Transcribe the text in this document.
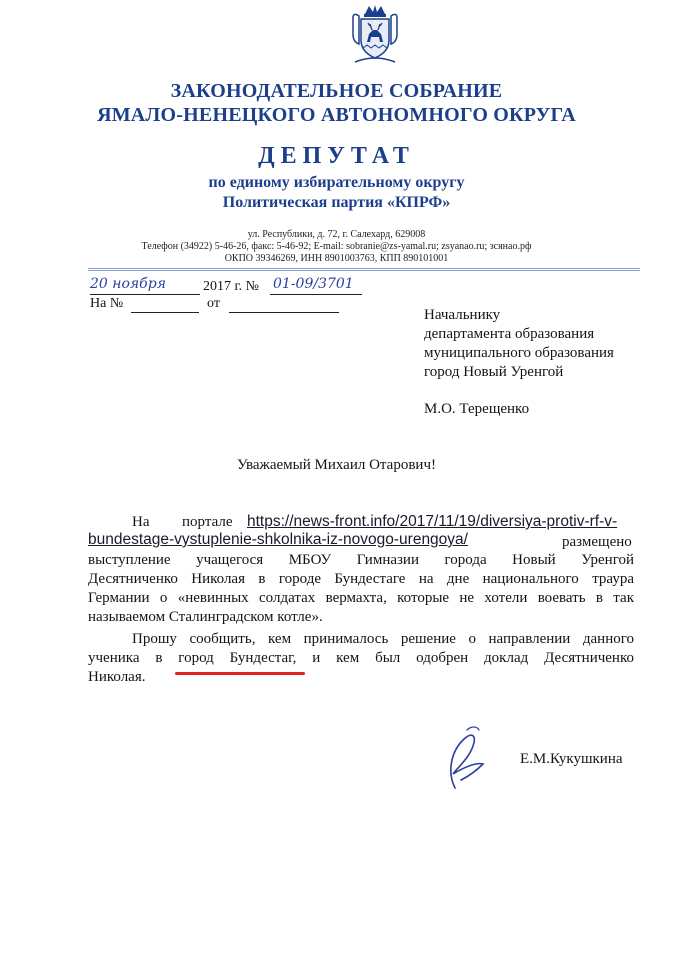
ЗАКОНОДАТЕЛЬНОЕ СОБРАНИЕ
ЯМАЛО-НЕНЕЦКОГО АВТОНОМНОГО ОКРУГА
ДЕПУТАТ
по единому избирательному округу
Политическая партия «КПРФ»
ул. Республики, д. 72, г. Салехард, 629008
Телефон (34922) 5-46-26, факс: 5-46-92; E-mail: sobranie@zs-yamal.ru; zsyanao.ru; зсянао.рф
ОКПО 39346269, ИНН 8901003763, КПП 890101001
20 ноября	2017 г. № 01-09/3701
На №	от
Начальнику
департамента образования
муниципального образования
город Новый Уренгой
М.О. Терещенко
Уважаемый Михаил Отарович!
На портале https://news-front.info/2017/11/19/diversiya-protiv-rf-v-
bundestage-vystuplenie-shkolnika-iz-novogo-urengoya/	размещено
выступление учащегося МБОУ Гимназии города Новый Уренгой
Десятниченко Николая в городе Бундестаге на дне национального траура
Германии о «невинных солдатах вермахта, которые не хотели воевать в так
называемом Сталинградском котле».
Прошу сообщить, кем принималось решение о направлении данного
ученика в город Бундестаг, и кем был одобрен доклад Десятниченко
Николая.
Е.М.Кукушкина
